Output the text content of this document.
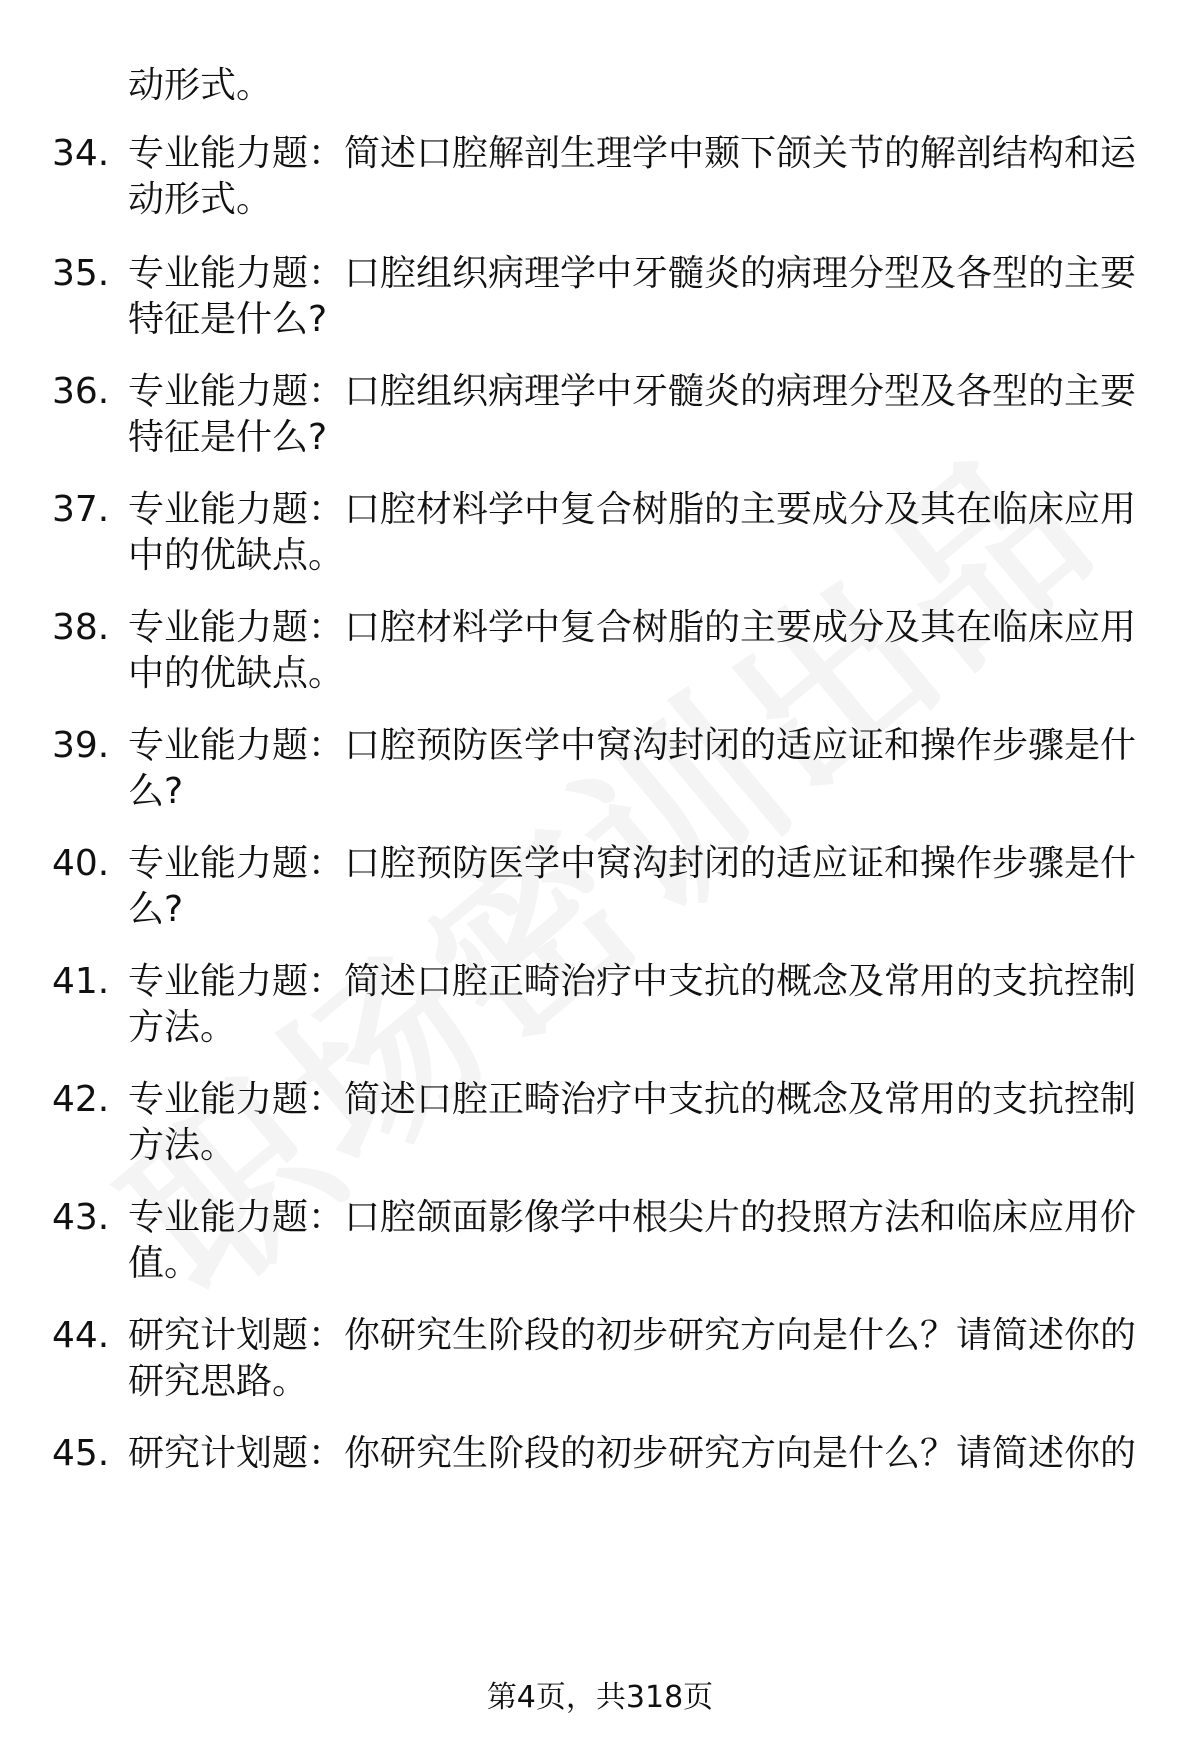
动形式。
34. 专业能力题：简述口腔解剖生理学中颞下颌关节的解剖结构和运
动形式。
35. 专业能力题：口腔组织病理学中牙髓炎的病理分型及各型的主要
特征是什么?
36. 专业能力题：口腔组织病理学中牙髓炎的病理分型及各型的主要
特征是什么?
37. 专业能力题：口腔材料学中复合树脂的主要成分及其在临床应用
中的优缺点。
38. 专业能力题：口腔材料学中复合树脂的主要成分及其在临床应用
中的优缺点。
39. 专业能力题：口腔预防医学中窝沟封闭的适应证和操作步骤是什
么?
40. 专业能力题：口腔预防医学中窝沟封闭的适应证和操作步骤是什
么?
41. 专业能力题：简述口腔正畸治疗中支抗的概念及常用的支抗控制
方法。
42. 专业能力题：简述口腔正畸治疗中支抗的概念及常用的支抗控制
方法。
43. 专业能力题：口腔颌面影像学中根尖片的投照方法和临床应用价
值。
44. 研究计划题：你研究生阶段的初步研究方向是什么？请简述你的
研究思路。
45. 研究计划题：你研究生阶段的初步研究方向是什么？请简述你的
第4页，共318页
